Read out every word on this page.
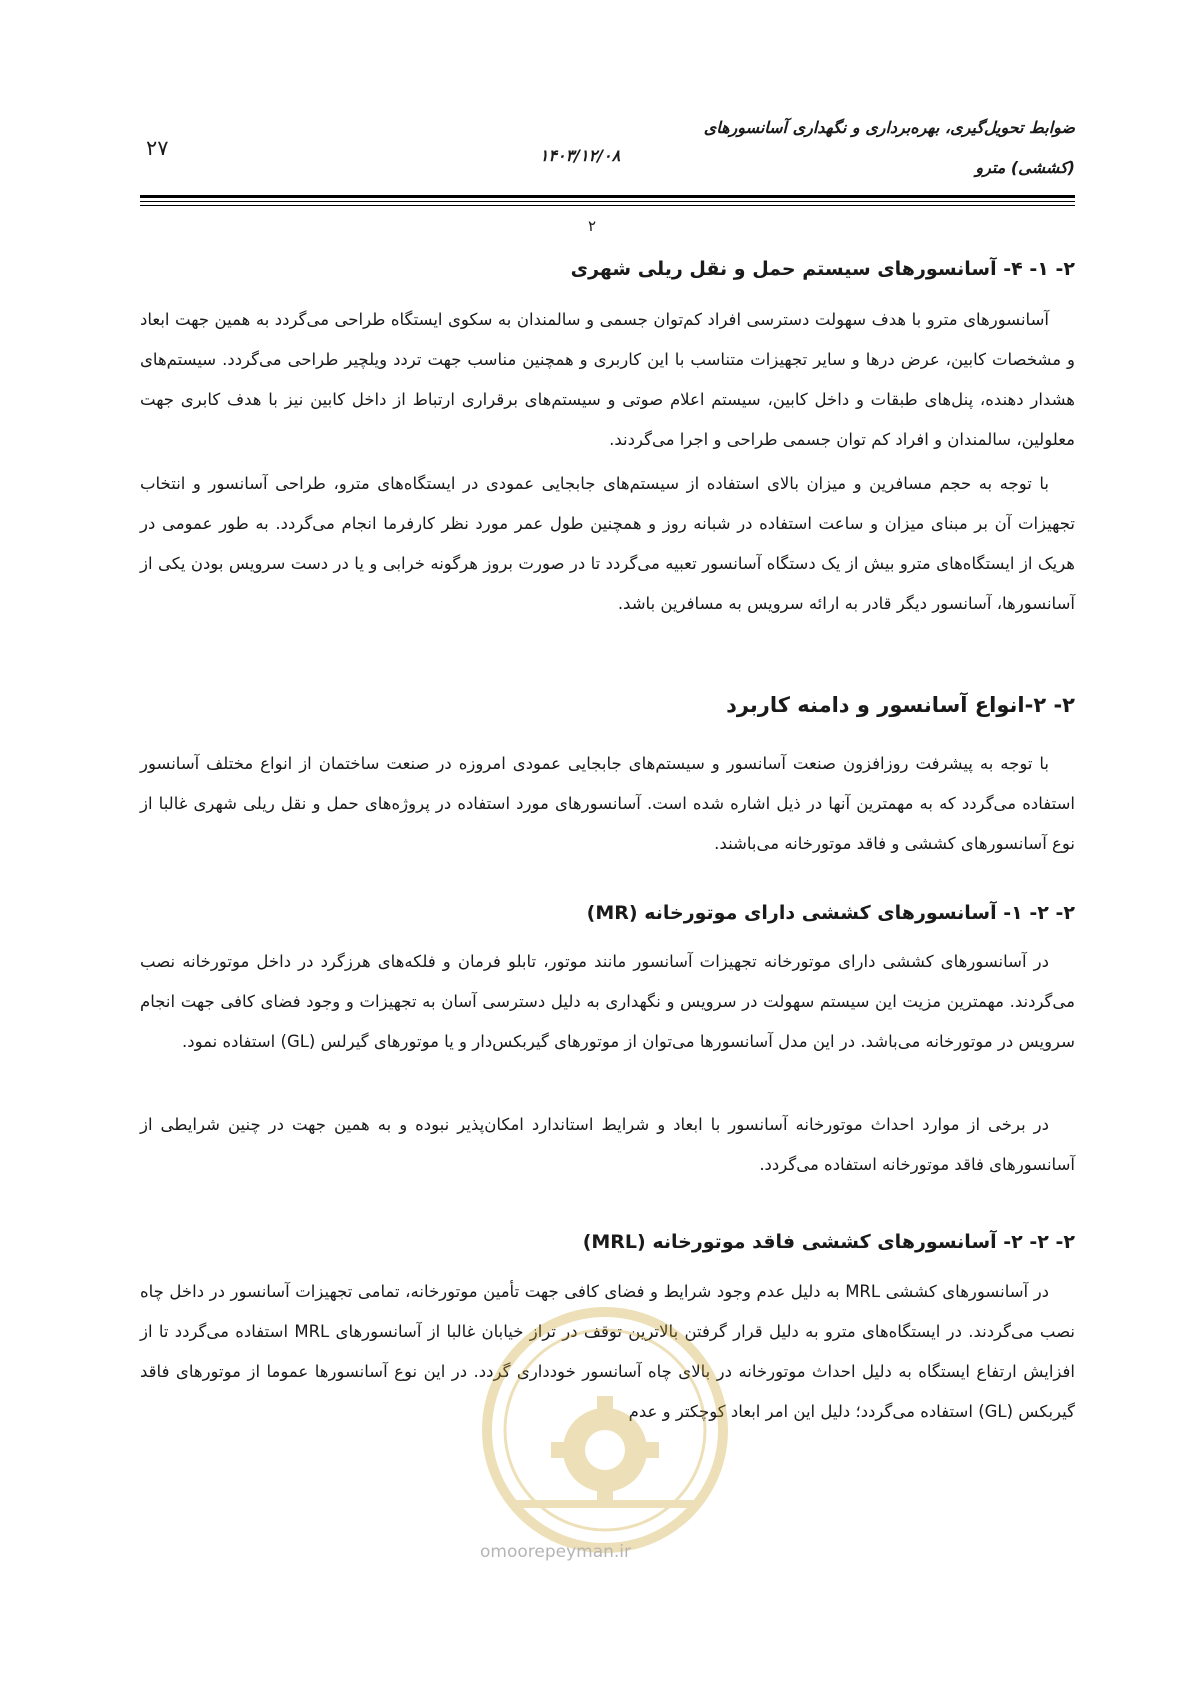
ضوابط تحویل‌گیری، بهره‌برداری و نگهداری آسانسورهای
(کششی) مترو
۱۴۰۳/۱۲/۰۸
۲۷
۲
۲- ۱- ۴- آسانسورهای سیستم حمل و نقل ریلی شهری

آسانسورهای مترو با هدف سهولت دسترسی افراد کم‌توان جسمی و سالمندان به سکوی ایستگاه طراحی می‌گردد به همین جهت ابعاد و مشخصات کابین، عرض درها و سایر تجهیزات متناسب با این کاربری و همچنین مناسب جهت تردد ویلچیر طراحی می‌گردد. سیستم‌های هشدار دهنده، پنل‌های طبقات و داخل کابین، سیستم اعلام صوتی و سیستم‌های برقراری ارتباط از داخل کابین نیز با هدف کابری جهت معلولین، سالمندان و افراد کم توان جسمی طراحی و اجرا می‌گردند.

با توجه به حجم مسافرین و میزان بالای استفاده از سیستم‌های جابجایی عمودی در ایستگاه‌های مترو، طراحی آسانسور و انتخاب تجهیزات آن بر مبنای میزان و ساعت استفاده در شبانه روز و همچنین طول عمر مورد نظر کارفرما انجام می‌گردد. به طور عمومی در هریک از ایستگاه‌های مترو بیش از یک دستگاه آسانسور تعبیه می‌گردد تا در صورت بروز هرگونه خرابی و یا در دست سرویس بودن یکی از آسانسورها، آسانسور دیگر قادر به ارائه سرویس به مسافرین باشد.

۲- ۲-انواع آسانسور و دامنه کاربرد

با توجه به پیشرفت روزافزون صنعت آسانسور و سیستم‌های جابجایی عمودی امروزه در صنعت ساختمان از انواع مختلف آسانسور استفاده می‌گردد که به مهمترین آنها در ذیل اشاره شده است. آسانسورهای مورد استفاده در پروژه‌های حمل و نقل ریلی شهری غالبا از نوع آسانسورهای کششی و فاقد موتورخانه می‌باشند.

۲- ۲- ۱- آسانسورهای کششی دارای موتورخانه (MR)

در آسانسورهای کششی دارای موتورخانه تجهیزات آسانسور مانند موتور، تابلو فرمان و فلکه‌های هرزگرد در داخل موتورخانه نصب می‌گردند. مهمترین مزیت این سیستم سهولت در سرویس و نگهداری به دلیل دسترسی آسان به تجهیزات و وجود فضای کافی جهت انجام سرویس در موتورخانه می‌باشد. در این مدل آسانسورها می‌توان از موتورهای گیربکس‌دار و یا موتورهای گیرلس (GL) استفاده نمود.

در برخی از موارد احداث موتورخانه آسانسور با ابعاد و شرایط استاندارد امکان‌پذیر نبوده و به همین جهت در چنین شرایطی از آسانسورهای فاقد موتورخانه استفاده می‌گردد.

۲- ۲- ۲- آسانسورهای کششی فاقد موتورخانه (MRL)

در آسانسورهای کششی MRL به دلیل عدم وجود شرایط و فضای کافی جهت تأمین موتورخانه، تمامی تجهیزات آسانسور در داخل چاه نصب می‌گردند. در ایستگاه‌های مترو به دلیل قرار گرفتن بالاترین توقف در تراز خیابان غالبا از آسانسورهای MRL استفاده می‌گردد تا از افزایش ارتفاع ایستگاه به دلیل احداث موتورخانه در بالای چاه آسانسور خودداری گردد. در این نوع آسانسورها عموما از موتورهای فاقد گیربکس (GL) استفاده می‌گردد؛ دلیل این امر ابعاد کوچکتر و عدم

omoorepeyman.ir
